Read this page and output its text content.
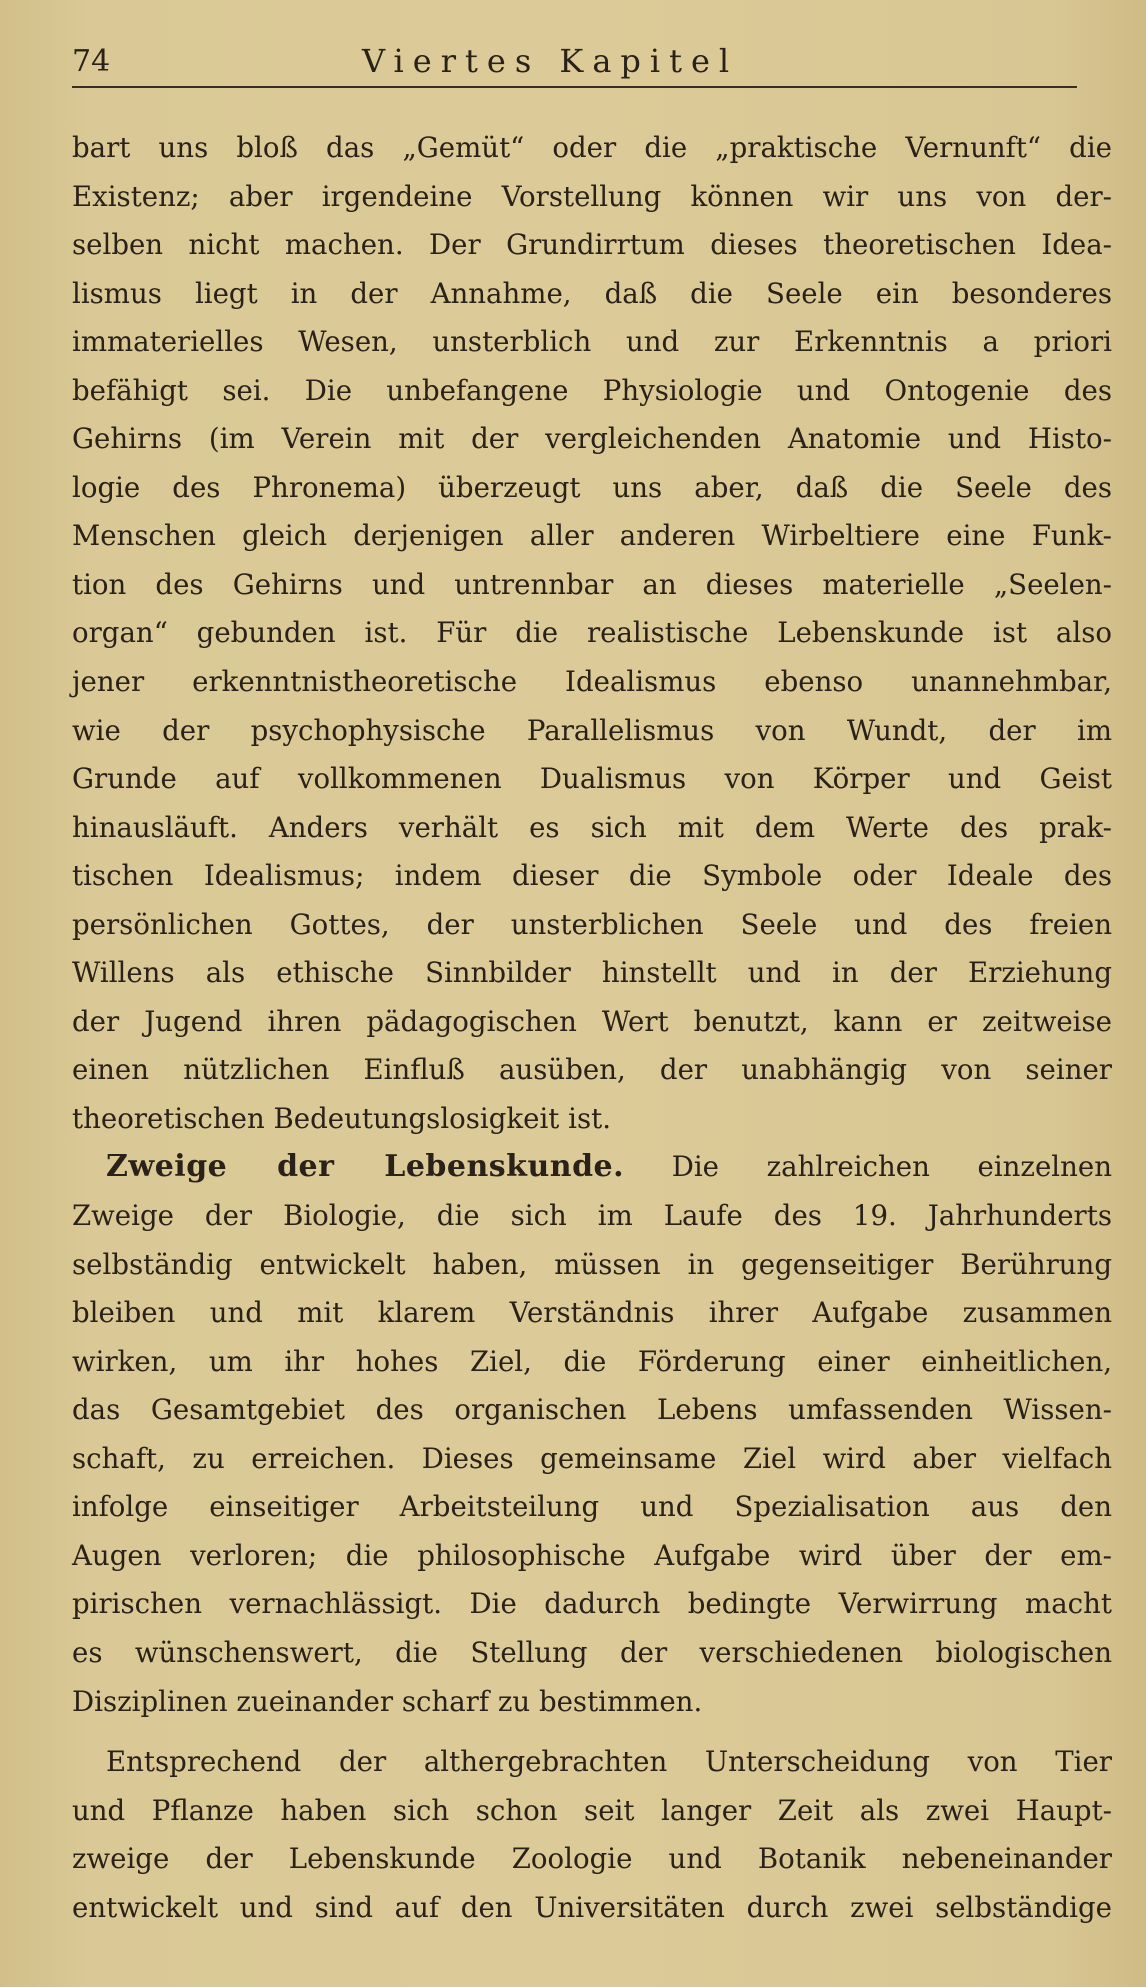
74	Viertes Kapitel
bart uns bloß das „Gemüt“ oder die „praktische Vernunft“ die
Existenz; aber irgendeine Vorstellung können wir uns von der-
selben nicht machen. Der Grundirrtum dieses theoretischen Idea-
lismus liegt in der Annahme, daß die Seele ein besonderes
immaterielles Wesen, unsterblich und zur Erkenntnis a priori
befähigt sei. Die unbefangene Physiologie und Ontogenie des
Gehirns (im Verein mit der vergleichenden Anatomie und Histo-
logie des Phronema) überzeugt uns aber, daß die Seele des
Menschen gleich derjenigen aller anderen Wirbeltiere eine Funk-
tion des Gehirns und untrennbar an dieses materielle „Seelen-
organ“ gebunden ist. Für die realistische Lebenskunde ist also
jener erkenntnistheoretische Idealismus ebenso unannehmbar,
wie der psychophysische Parallelismus von Wundt, der im
Grunde auf vollkommenen Dualismus von Körper und Geist
hinausläuft. Anders verhält es sich mit dem Werte des prak-
tischen Idealismus; indem dieser die Symbole oder Ideale des
persönlichen Gottes, der unsterblichen Seele und des freien
Willens als ethische Sinnbilder hinstellt und in der Erziehung
der Jugend ihren pädagogischen Wert benutzt, kann er zeitweise
einen nützlichen Einfluß ausüben, der unabhängig von seiner
theoretischen Bedeutungslosigkeit ist.
Zweige der Lebenskunde. Die zahlreichen einzelnen
Zweige der Biologie, die sich im Laufe des 19. Jahrhunderts
selbständig entwickelt haben, müssen in gegenseitiger Berührung
bleiben und mit klarem Verständnis ihrer Aufgabe zusammen
wirken, um ihr hohes Ziel, die Förderung einer einheitlichen,
das Gesamtgebiet des organischen Lebens umfassenden Wissen-
schaft, zu erreichen. Dieses gemeinsame Ziel wird aber vielfach
infolge einseitiger Arbeitsteilung und Spezialisation aus den
Augen verloren; die philosophische Aufgabe wird über der em-
pirischen vernachlässigt. Die dadurch bedingte Verwirrung macht
es wünschenswert, die Stellung der verschiedenen biologischen
Disziplinen zueinander scharf zu bestimmen.
Entsprechend der althergebrachten Unterscheidung von Tier
und Pflanze haben sich schon seit langer Zeit als zwei Haupt-
zweige der Lebenskunde Zoologie und Botanik nebeneinander
entwickelt und sind auf den Universitäten durch zwei selbständige
